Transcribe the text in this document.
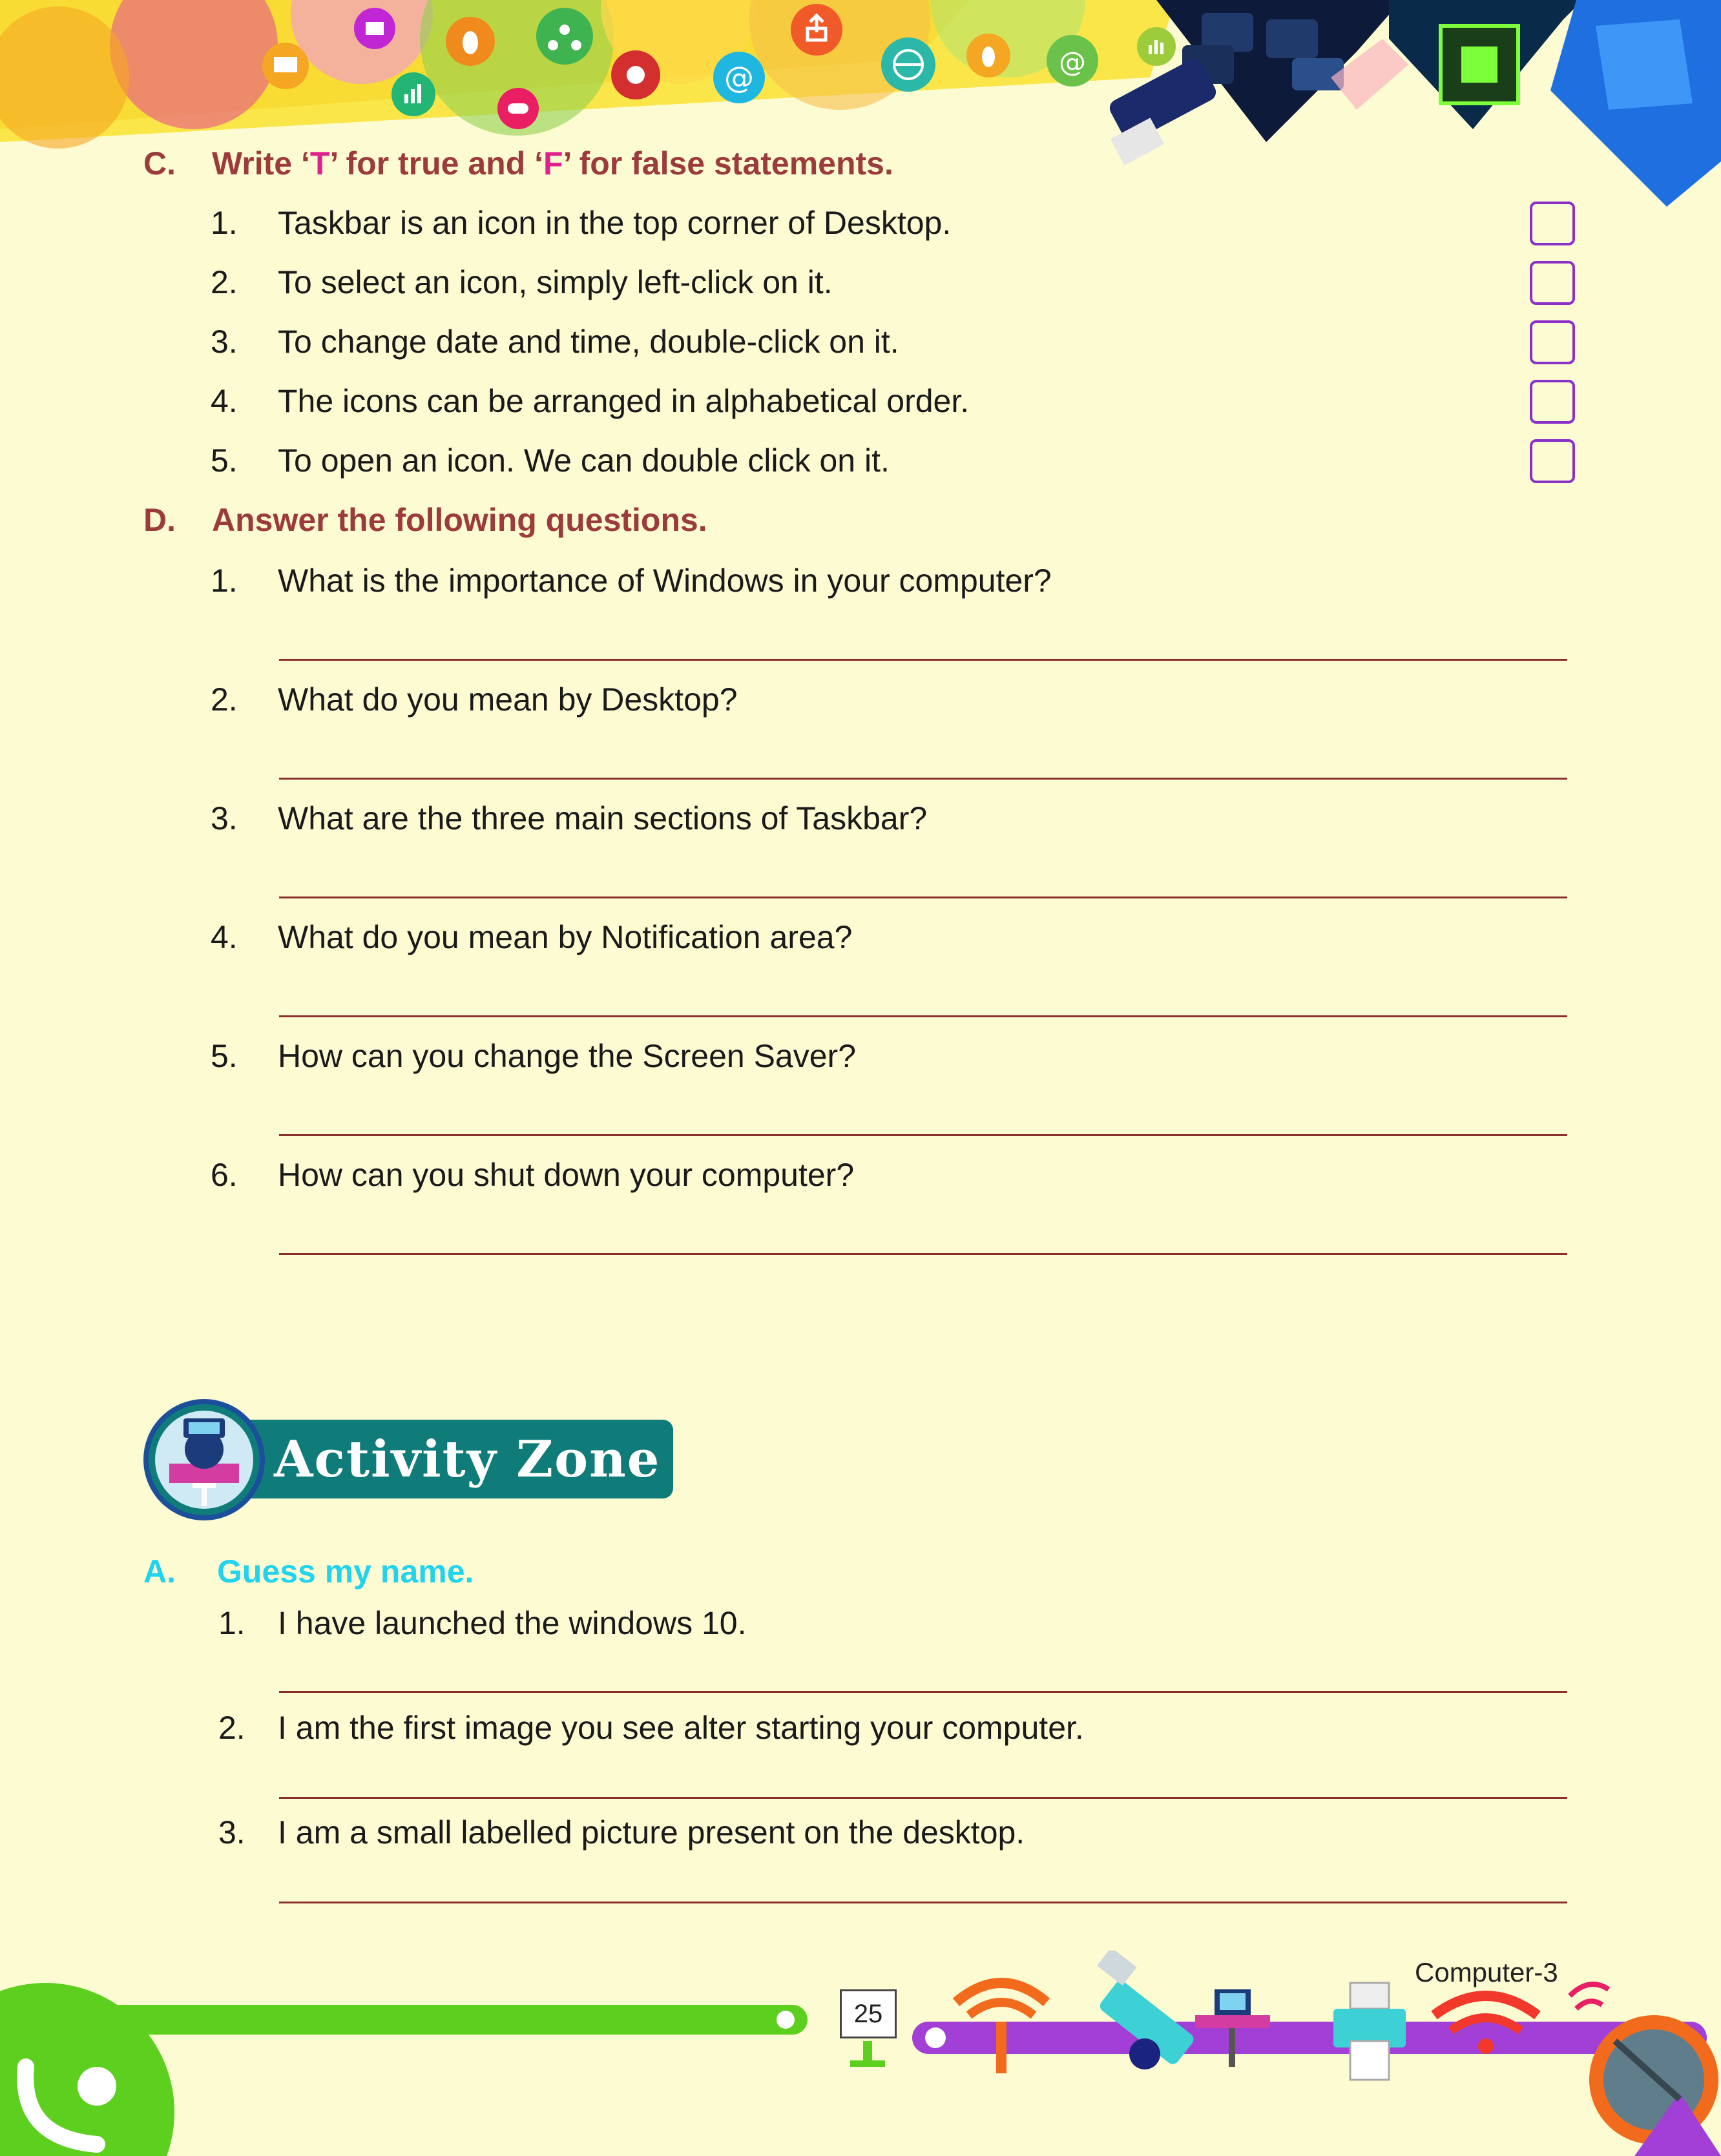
@	@
C. Write ‘T’ for true and ‘F’ for false statements.
1. Taskbar is an icon in the top corner of Desktop.
2. To select an icon, simply left-click on it.
3. To change date and time, double-click on it.
4. The icons can be arranged in alphabetical order.
5. To open an icon. We can double click on it.
D. Answer the following questions.
1. What is the importance of Windows in your computer?
2. What do you mean by Desktop?
3. What are the three main sections of Taskbar?
4. What do you mean by Notification area?
5. How can you change the Screen Saver?
6. How can you shut down your computer?
Activity Zone
A. Guess my name.
1. I have launched the windows 10.
2. I am the first image you see alter starting your computer.
3. I am a small labelled picture present on the desktop.
25
Computer-3
